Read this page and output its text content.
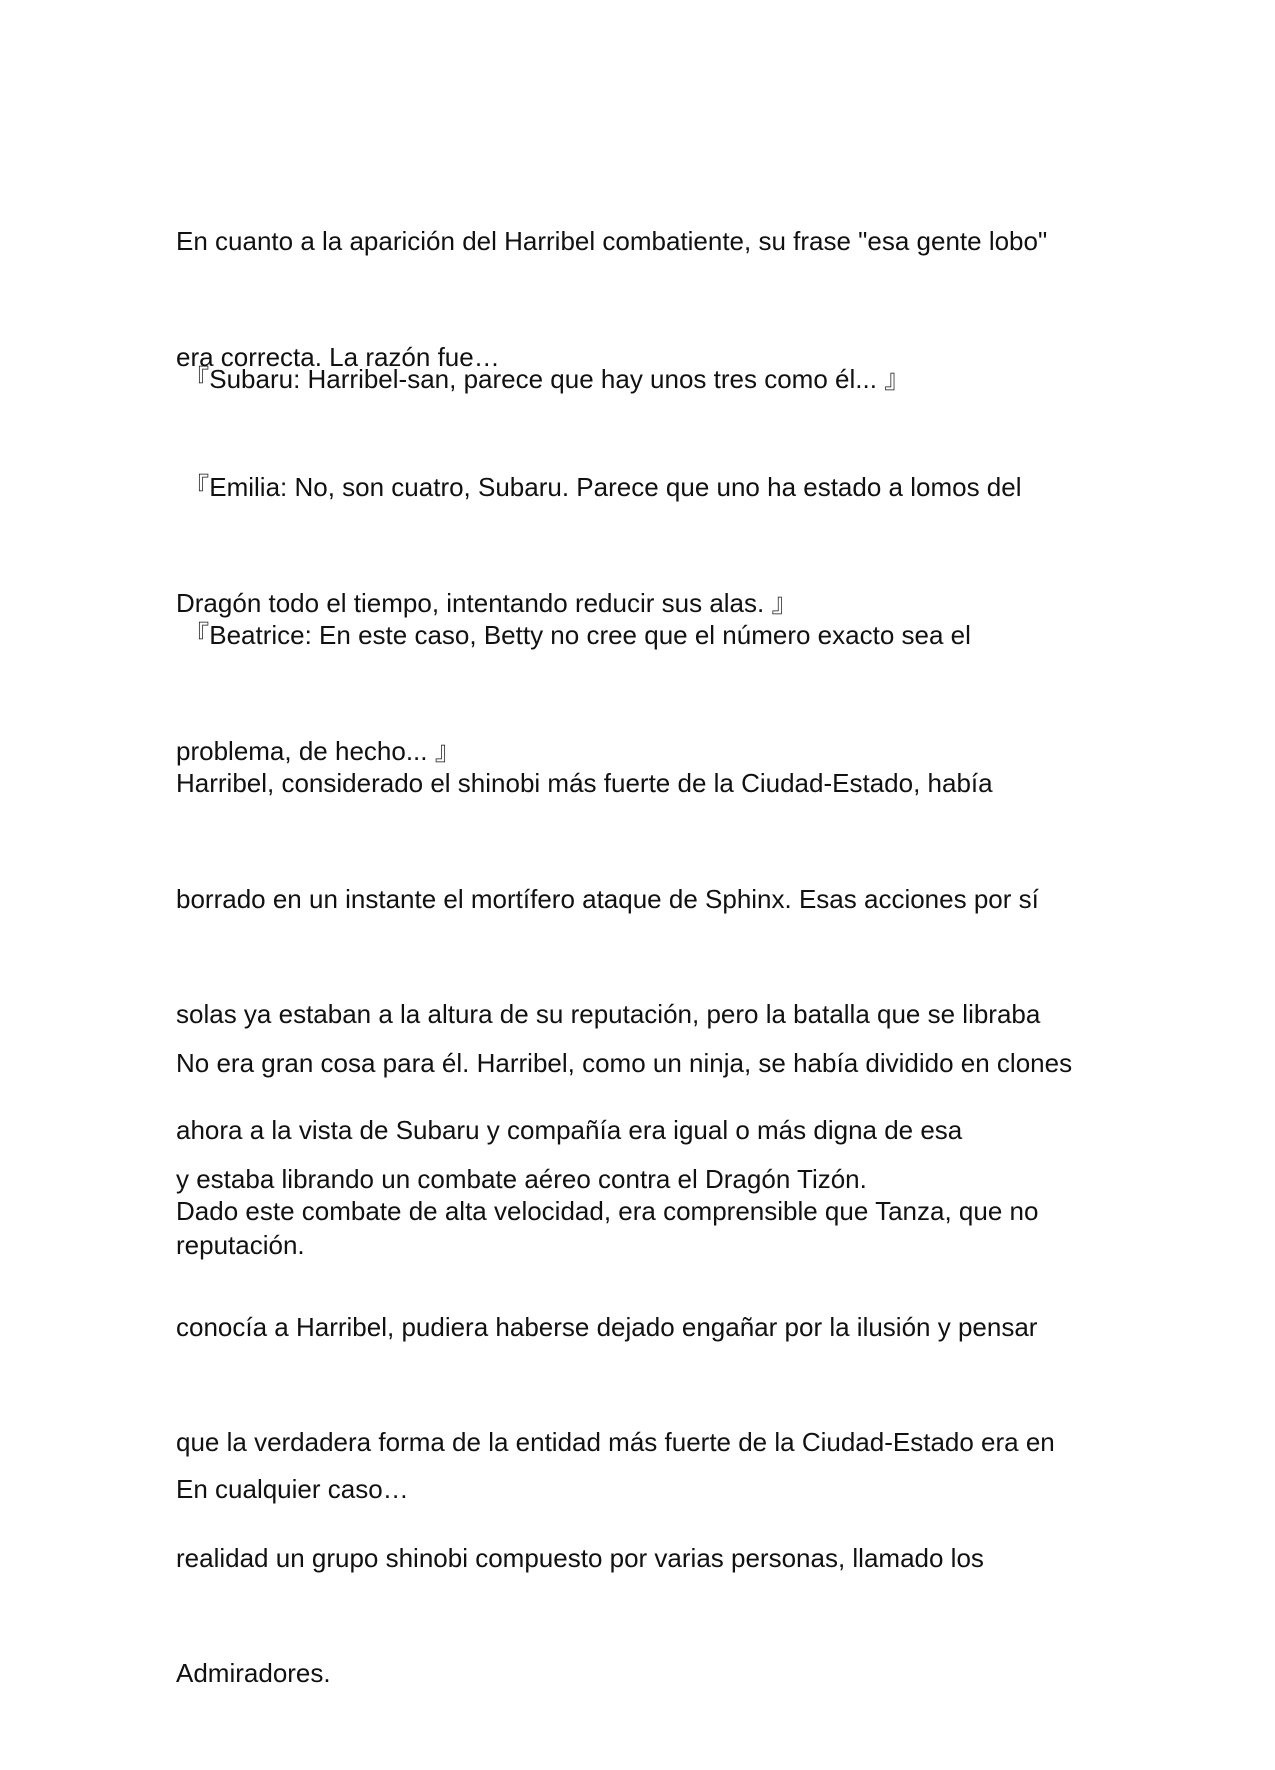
En cuanto a la aparición del Harribel combatiente, su frase "esa gente lobo"

era correcta. La razón fue…

『Subaru: Harribel-san, parece que hay unos tres como él... 』

『Emilia: No, son cuatro, Subaru. Parece que uno ha estado a lomos del

Dragón todo el tiempo, intentando reducir sus alas. 』

『Beatrice: En este caso, Betty no cree que el número exacto sea el

problema, de hecho... 』

Harribel, considerado el shinobi más fuerte de la Ciudad-Estado, había

borrado en un instante el mortífero ataque de Sphinx. Esas acciones por sí

solas ya estaban a la altura de su reputación, pero la batalla que se libraba

ahora a la vista de Subaru y compañía era igual o más digna de esa

reputación.

No era gran cosa para él. Harribel, como un ninja, se había dividido en clones

y estaba librando un combate aéreo contra el Dragón Tizón.

Dado este combate de alta velocidad, era comprensible que Tanza, que no

conocía a Harribel, pudiera haberse dejado engañar por la ilusión y pensar

que la verdadera forma de la entidad más fuerte de la Ciudad-Estado era en

realidad un grupo shinobi compuesto por varias personas, llamado los

Admiradores.

En cualquier caso…
